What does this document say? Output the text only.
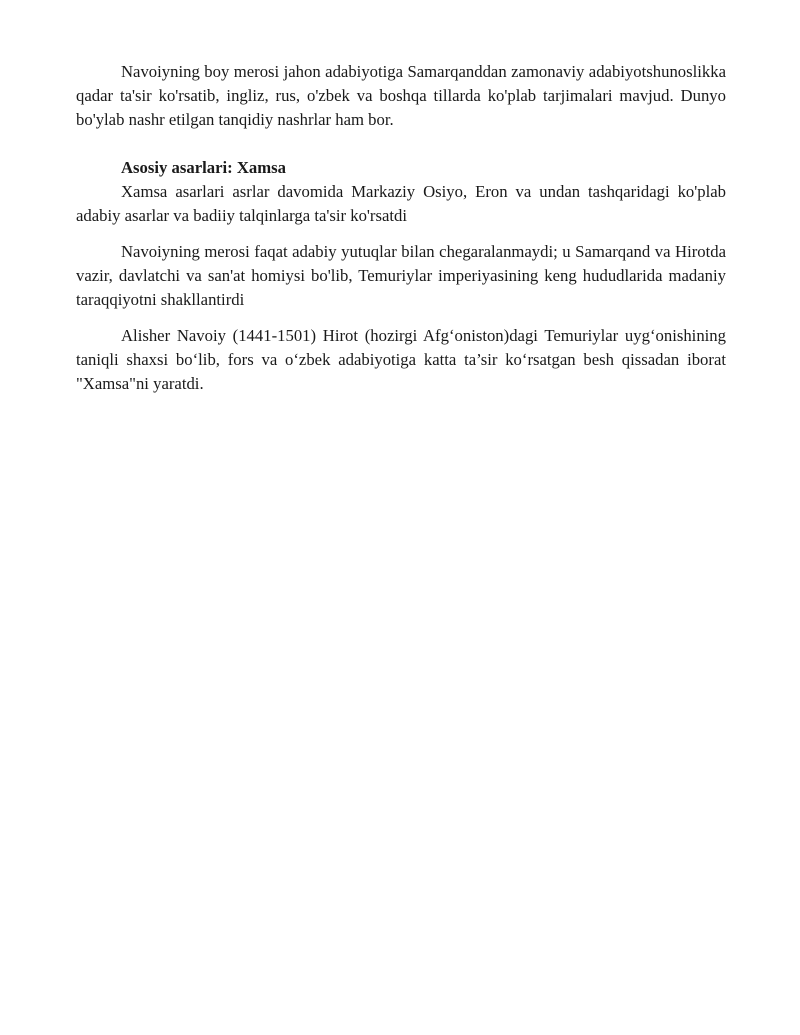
Navoiyning boy merosi jahon adabiyotiga Samarqanddan zamonaviy adabiyotshunoslikka qadar ta'sir ko'rsatib, ingliz, rus, o'zbek va boshqa tillarda ko'plab tarjimalari mavjud. Dunyo bo'ylab nashr etilgan tanqidiy nashrlar ham bor.

Asosiy asarlari: Xamsa

Xamsa asarlari asrlar davomida Markaziy Osiyo, Eron va undan tashqaridagi ko'plab adabiy asarlar va badiiy talqinlarga ta'sir ko'rsatdi

Navoiyning merosi faqat adabiy yutuqlar bilan chegaralanmaydi; u Samarqand va Hirotda vazir, davlatchi va san'at homiysi bo'lib, Temuriylar imperiyasining keng hududlarida madaniy taraqqiyotni shakllantirdi

Alisher Navoiy (1441-1501) Hirot (hozirgi Afg‘oniston)dagi Temuriylar uyg‘onishining taniqli shaxsi bo‘lib, fors va o‘zbek adabiyotiga katta ta’sir ko‘rsatgan besh qissadan iborat "Xamsa"ni yaratdi.
